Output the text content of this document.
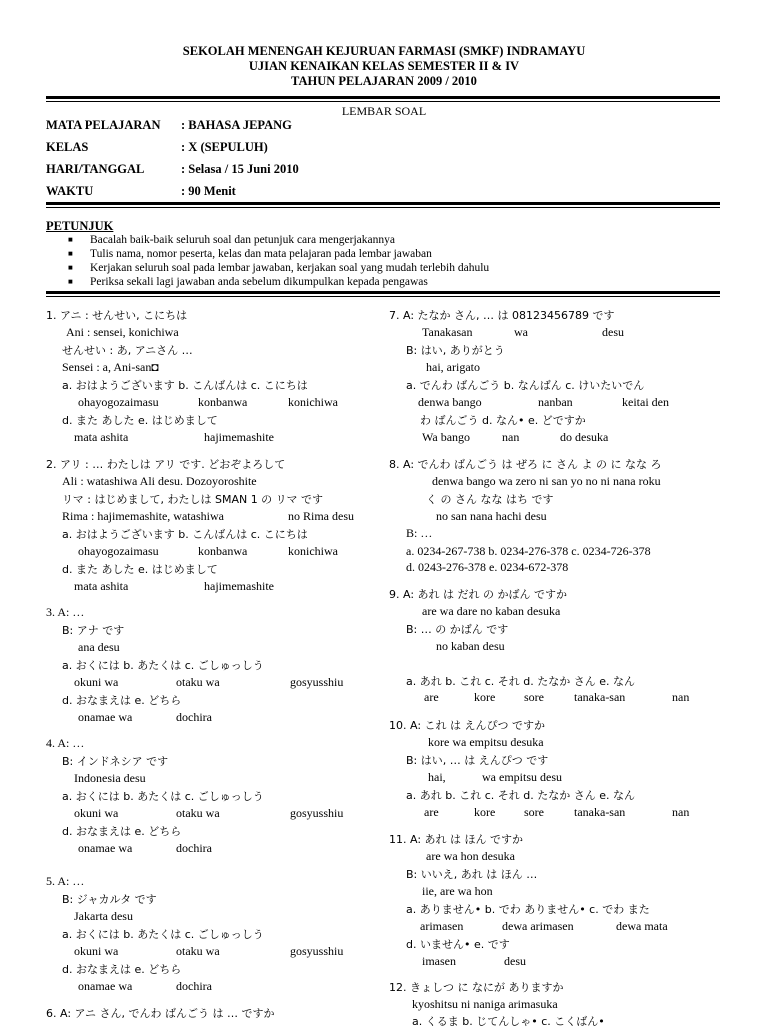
SEKOLAH MENENGAH KEJURUAN FARMASI (SMKF) INDRAMAYU
UJIAN KENAIKAN KELAS SEMESTER II & IV
TAHUN PELAJARAN 2009 / 2010
LEMBAR SOAL
MATA PELAJARAN : BAHASA JEPANG
KELAS	: X (SEPULUH)
HARI/TANGGAL	: Selasa / 15 Juni 2010
WAKTU	: 90 Menit
PETUNJUK
■ Bacalah baik-baik seluruh soal dan petunjuk cara mengerjakannya
■ Tulis nama, nomor peserta, kelas dan mata pelajaran pada lembar jawaban
■ Kerjakan seluruh soal pada lembar jawaban, kerjakan soal yang mudah terlebih dahulu
■ Periksa sekali lagi jawaban anda sebelum dikumpulkan kepada pengawas
1. アニ : せんせい, こにちは
Ani : sensei, konichiwa
せんせい : あ, アニさん …
Sensei : a, Ani-san◘
a. おはようございます b. こんばんは c. こにちは
ohayogozaimasu	konbanwa	konichiwa
d. また あした e. はじめまして
mata ashita	hajimemashite
2. アリ : … わたしは アリ です. どおぞよろして
Ali : watashiwa Ali desu. Dozoyoroshite
リマ : はじめまして, わたしは SMAN 1 の リマ です
Rima : hajimemashite, watashiwa	no Rima desu
a. おはようございます b. こんばんは c. こにちは
ohayogozaimasu	konbanwa	konichiwa
d. また あした e. はじめまして
mata ashita	hajimemashite
3. A: …
B: アナ です
ana desu
a. おくには b. あたくは c. ごしゅっしう
okuni wa	otaku wa	gosyusshiu
d. おなまえは e. どちら
onamae wa	dochira
4. A: …
B: インドネシア です
Indonesia desu
a. おくには b. あたくは c. ごしゅっしう
okuni wa	otaku wa	gosyusshiu
d. おなまえは e. どちら
onamae wa	dochira
5. A: …
B: ジャカルタ です
Jakarta desu
a. おくには b. あたくは c. ごしゅっしう
okuni wa	otaku wa	gosyusshiu
d. おなまえは e. どちら
onamae wa	dochira
6. A: アニ さん, でんわ ばんごう は … ですか
7. A: たなか さん, … は 08123456789 です
Tanakasan	wa	desu
B: はい, ありがとう
hai, arigato
a. でんわ ばんごう b. なんばん c. けいたいでん
denwa bango	nanban	keitai den
わ ばんごう d. なん• e. どですか
Wa bango	nan	do desuka
8. A: でんわ ばんごう は ぜろ に さん よ の に なな ろ
denwa bango wa zero ni san yo no ni nana roku
く の さん なな はち です
no san nana hachi desu
B: …
a. 0234-267-738 b. 0234-276-378 c. 0234-726-378
d. 0243-276-378 e. 0234-672-378
9. A: あれ は だれ の かばん ですか
are wa dare no kaban desuka
B: … の かばん です
no kaban desu
a. あれ b. これ c. それ d. たなか さん e. なん
are	kore sore	tanaka-san	nan
10. A: これ は えんぴつ ですか
kore wa empitsu desuka
B: はい, … は えんぴつ です
hai,	wa empitsu desu
a. あれ b. これ c. それ d. たなか さん e. なん
are	kore sore	tanaka-san	nan
11. A: あれ は ほん ですか
are wa hon desuka
B: いいえ, あれ は ほん …
iie, are wa hon
a. ありません• b. でわ ありません• c. でわ また
arimasen	dewa arimasen	dewa mata
d. いません• e. です
imasen	desu
12. きょしつ に なにが ありますか
kyoshitsu ni naniga arimasuka
a. くるま b. じてんしゃ• c. こくばん•
